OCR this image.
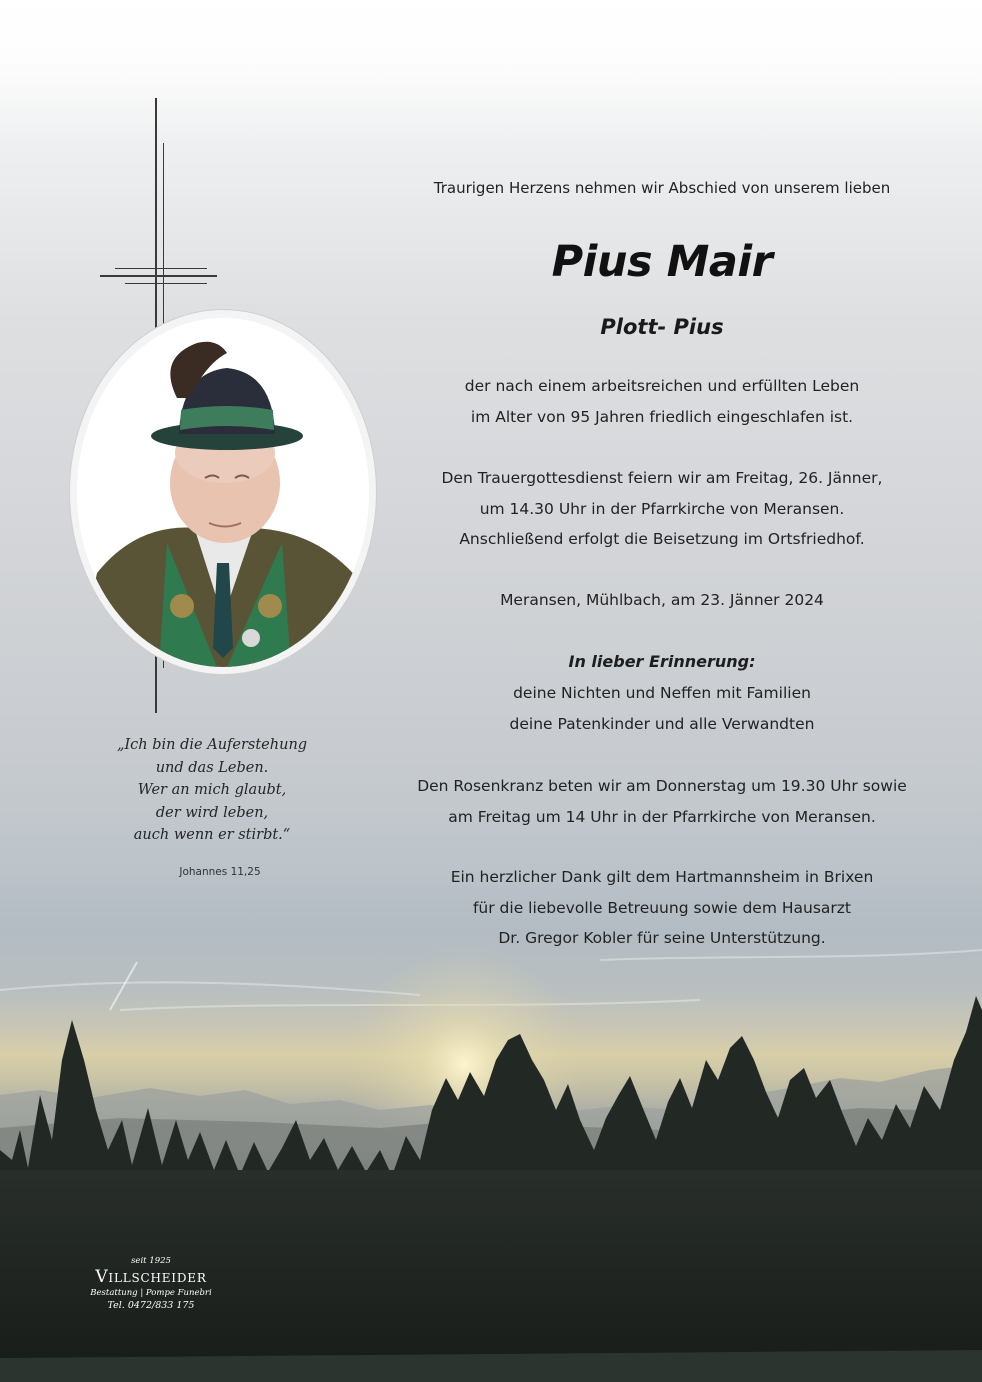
Traurigen Herzens nehmen wir Abschied von unserem lieben
Pius Mair
Plott- Pius
der nach einem arbeitsreichen und erfüllten Leben
im Alter von 95 Jahren friedlich eingeschlafen ist.
Den Trauergottesdienst feiern wir am Freitag, 26. Jänner,
um 14.30 Uhr in der Pfarrkirche von Meransen.
Anschließend erfolgt die Beisetzung im Ortsfriedhof.
Meransen, Mühlbach, am 23. Jänner 2024
In lieber Erinnerung:
deine Nichten und Neffen mit Familien
deine Patenkinder und alle Verwandten
Den Rosenkranz beten wir am Donnerstag um 19.30 Uhr sowie
am Freitag um 14 Uhr in der Pfarrkirche von Meransen.
Ein herzlicher Dank gilt dem Hartmannsheim in Brixen
für die liebevolle Betreuung sowie dem Hausarzt
Dr. Gregor Kobler für seine Unterstützung.
„Ich bin die Auferstehung
und das Leben.
Wer an mich glaubt,
der wird leben,
auch wenn er stirbt.“
Johannes 11,25
seit 1925
Villscheider
Bestattung | Pompe Funebri
Tel. 0472/833 175
